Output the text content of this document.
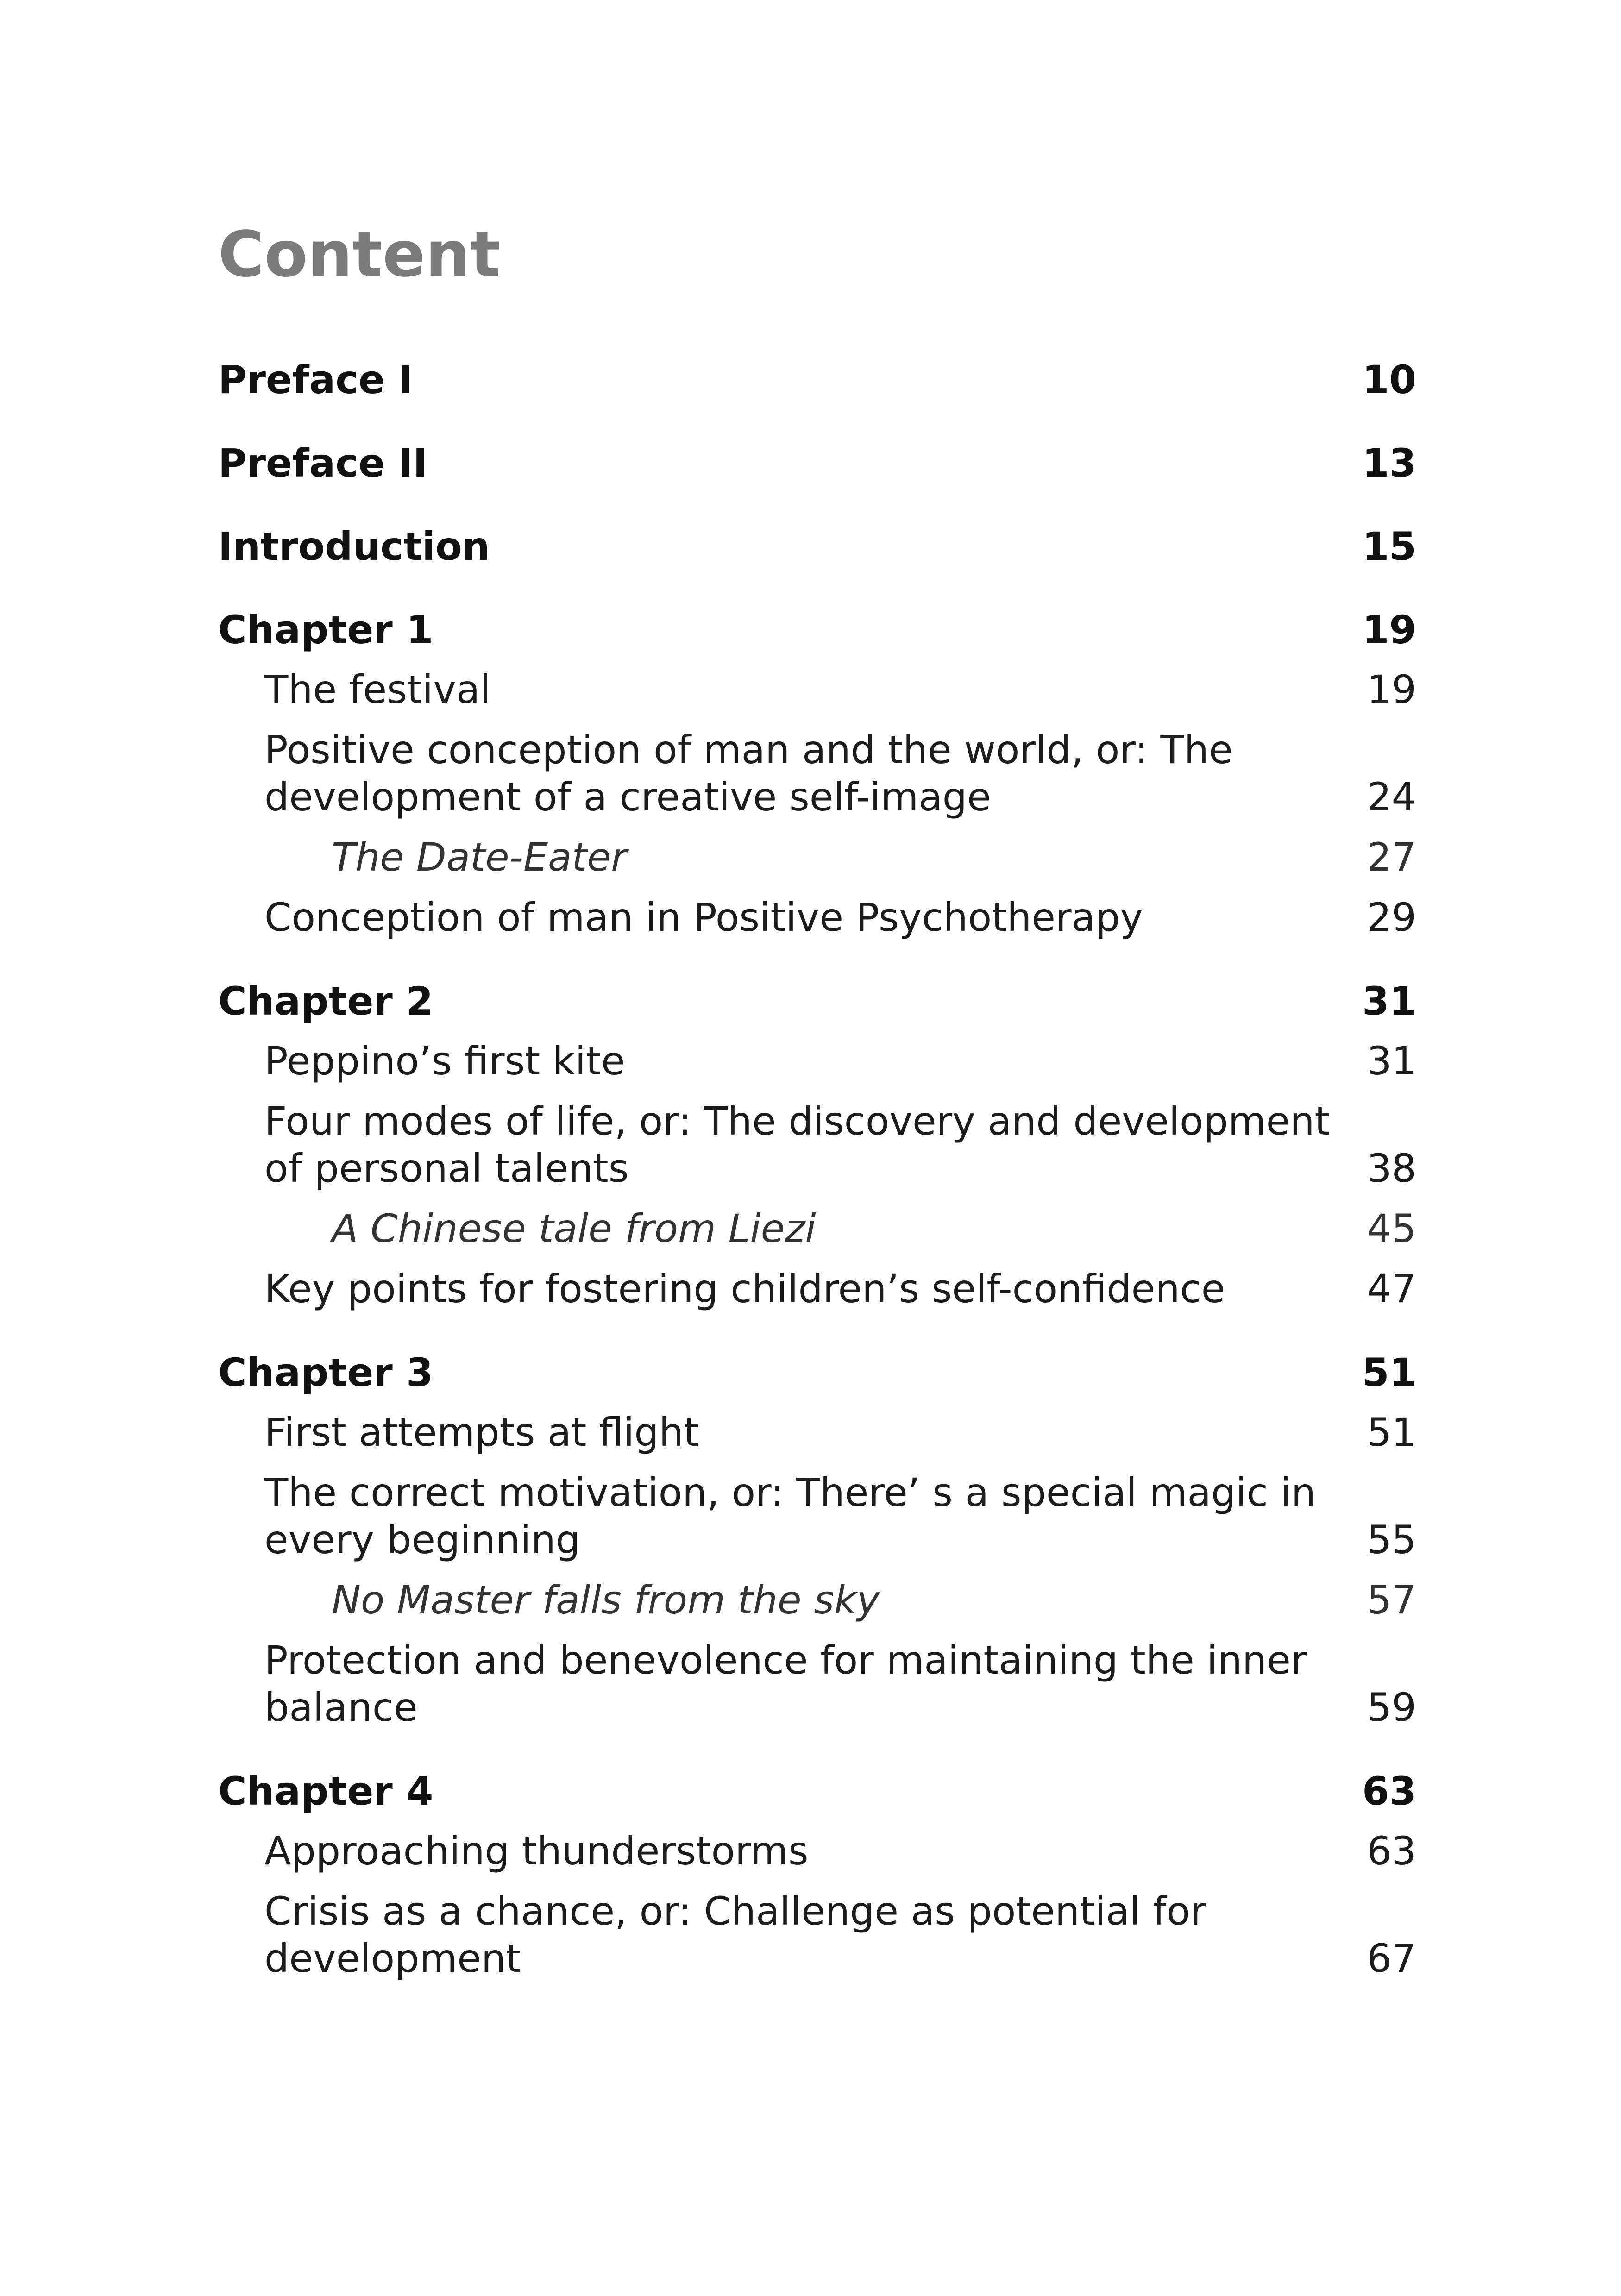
Content
Preface I	10
Preface II	13
Introduction	15
Chapter 1	19
The festival	19
Positive conception of man and the world, or: The development of a creative self-image	24
The Date-Eater	27
Conception of man in Positive Psychotherapy	29
Chapter 2	31
Peppino’s first kite	31
Four modes of life, or: The discovery and development of personal talents	38
A Chinese tale from Liezi	45
Key points for fostering children’s self-confidence	47
Chapter 3	51
First attempts at flight	51
The correct motivation, or: There’ s a special magic in every beginning	55
No Master falls from the sky	57
Protection and benevolence for maintaining the inner balance	59
Chapter 4	63
Approaching thunderstorms	63
Crisis as a chance, or: Challenge as potential for development	67
